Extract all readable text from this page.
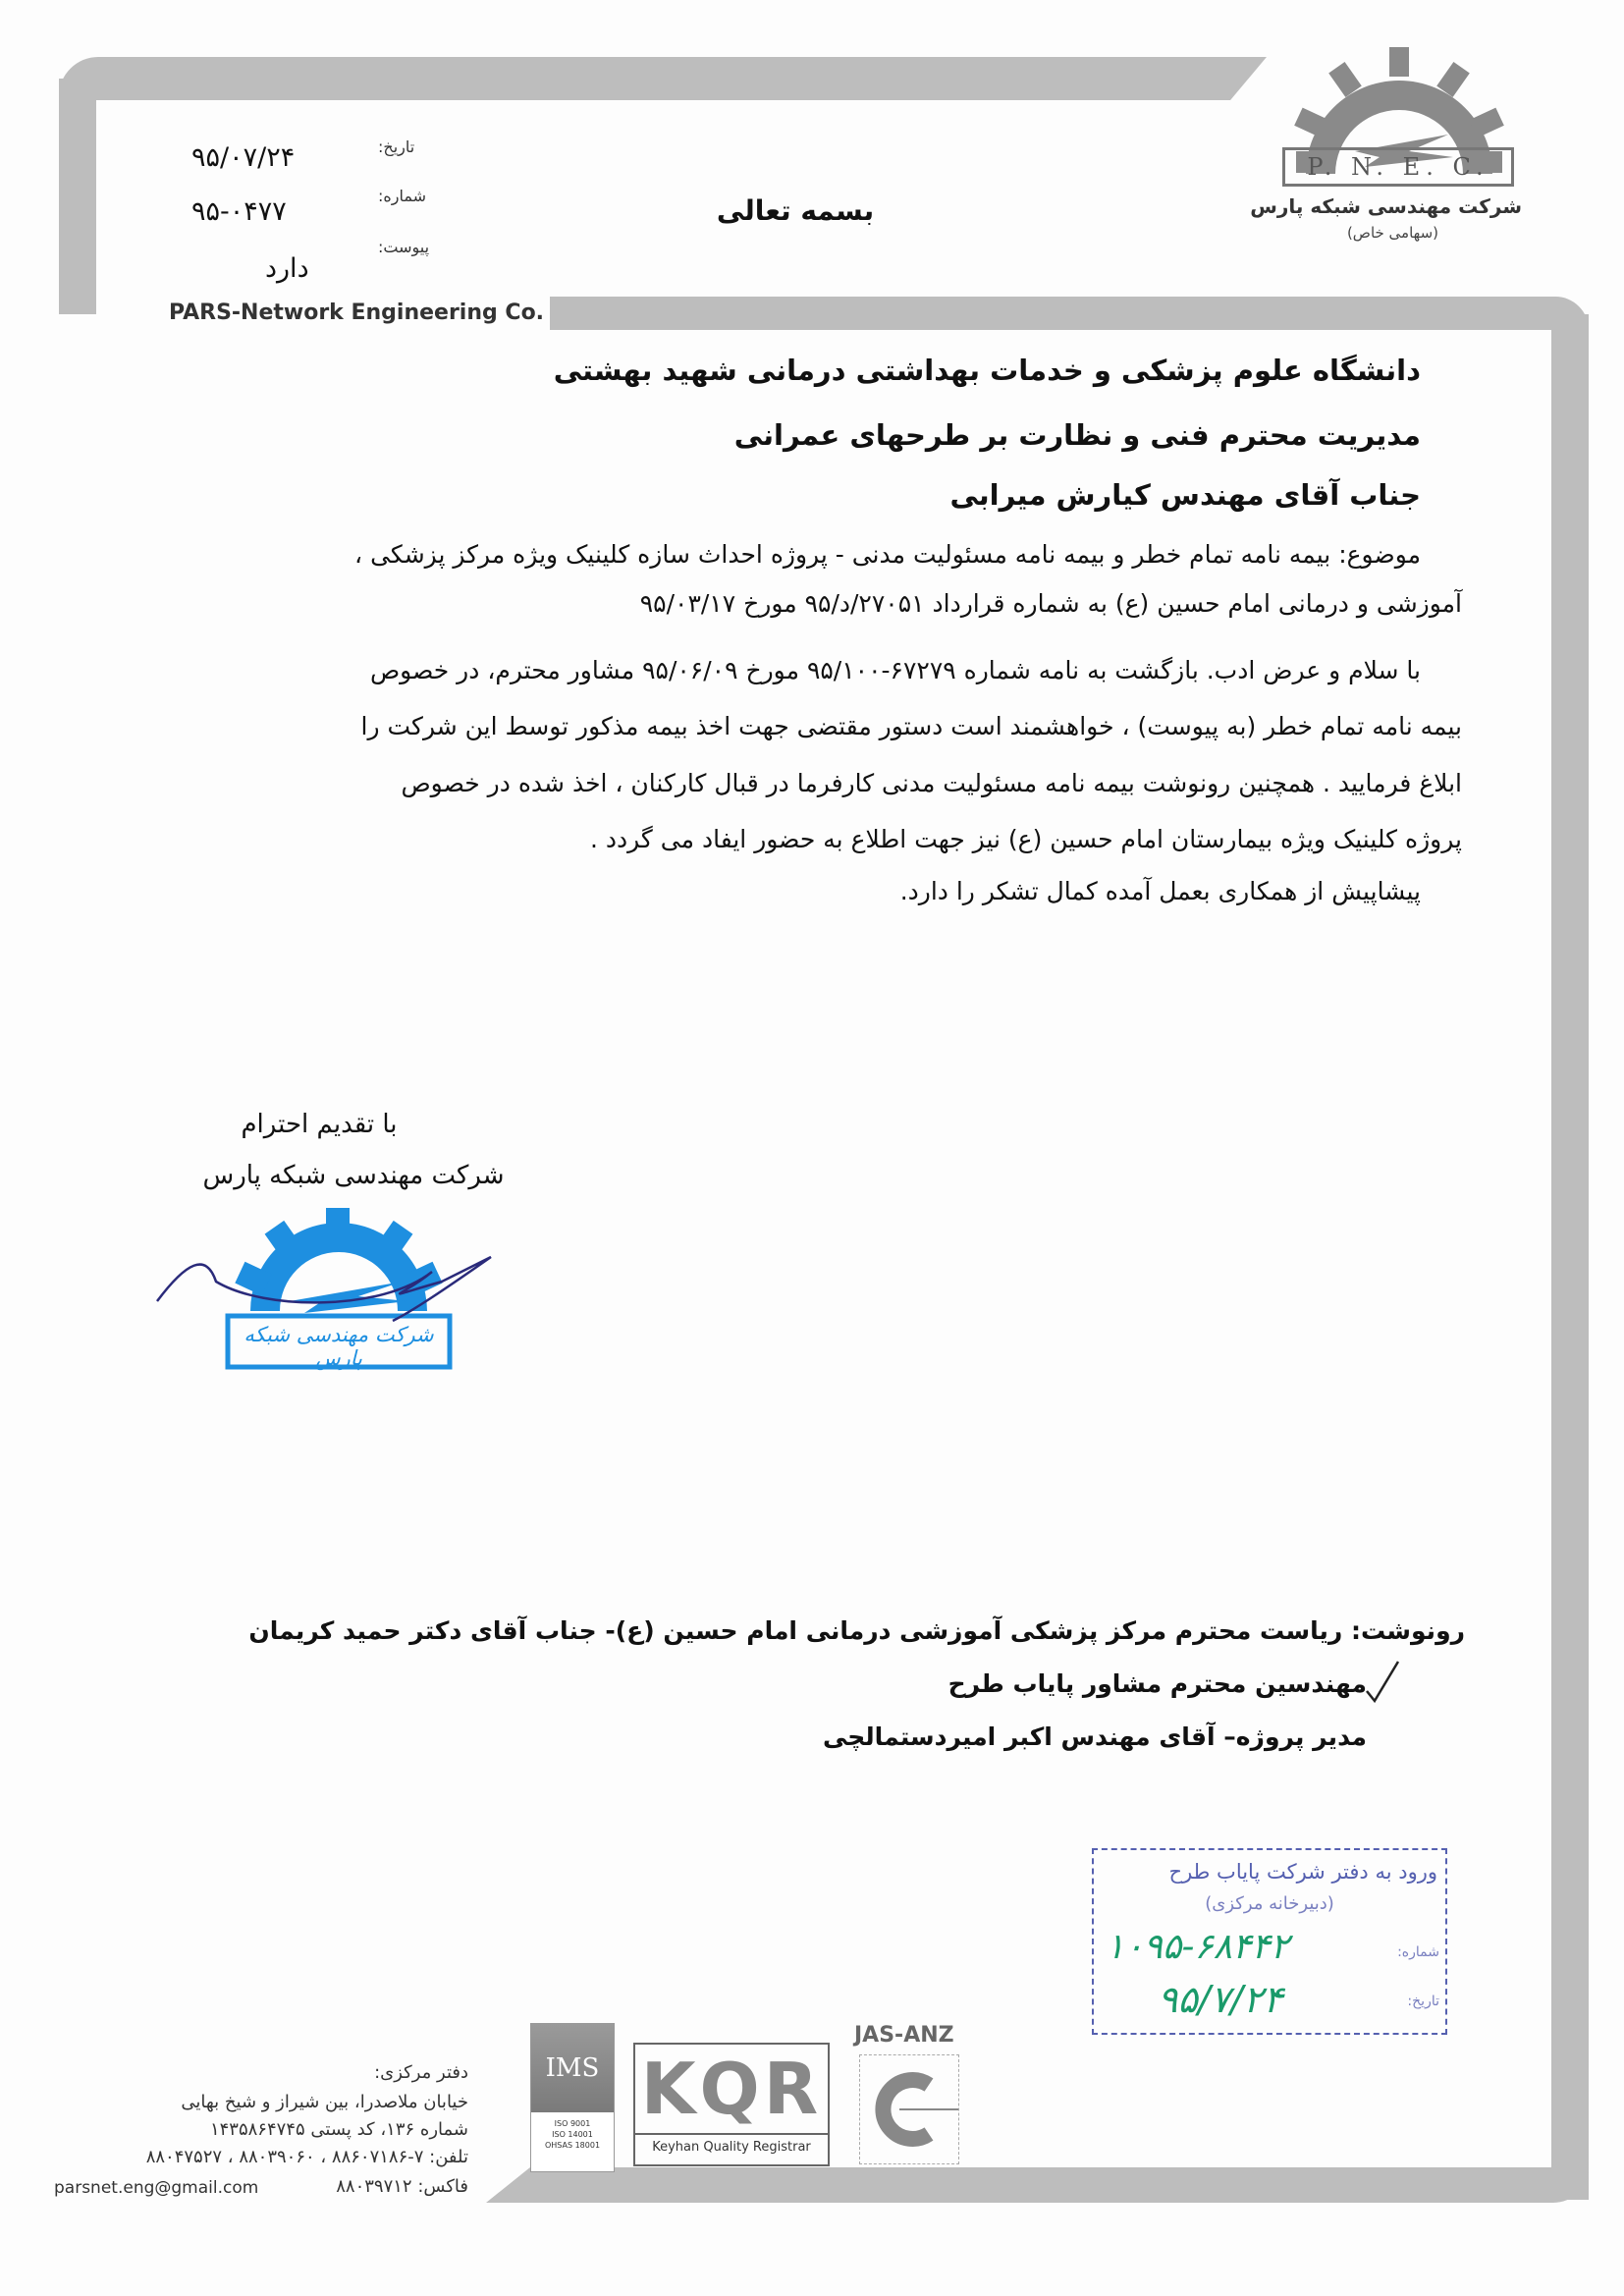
P. N. E. C.
شرکت مهندسی شبکه پارس
(سهامی خاص)
تاریخ:
۹۵/۰۷/۲۴
شماره:
۹۵-۰۴۷۷
پیوست:
دارد
PARS-Network Engineering Co.
بسمه تعالی
دانشگاه علوم پزشکی و خدمات بهداشتی درمانی شهید بهشتی
مدیریت محترم فنی و نظارت بر طرحهای عمرانی
جناب آقای مهندس کیارش میرابی
موضوع: بیمه نامه تمام خطر و بیمه نامه مسئولیت مدنی - پروژه احداث سازه کلینیک ویژه مرکز پزشکی ،
آموزشی و درمانی امام حسین (ع) به شماره قرارداد ۲۷۰۵۱/د/۹۵ مورخ ۹۵/۰۳/۱۷
با سلام و عرض ادب. بازگشت به نامه شماره ۶۷۲۷۹-۹۵/۱۰۰ مورخ ۹۵/۰۶/۰۹ مشاور محترم، در خصوص
بیمه نامه تمام خطر (به پیوست) ، خواهشمند است دستور مقتضی جهت اخذ بیمه مذکور توسط این شرکت را
ابلاغ فرمایید . همچنین رونوشت بیمه نامه مسئولیت مدنی کارفرما در قبال کارکنان ، اخذ شده در خصوص
پروژه کلینیک ویژه بیمارستان امام حسین (ع) نیز جهت اطلاع به حضور ایفاد می گردد .
پیشاپیش از همکاری بعمل آمده کمال تشکر را دارد.
با تقدیم احترام
شرکت مهندسی شبکه پارس
شرکت مهندسی شبکه پارس
رونوشت: ریاست محترم مرکز پزشکی آموزشی درمانی امام حسین (ع)- جناب آقای دکتر حمید کریمان
مهندسین محترم مشاور پایاب طرح
مدیر پروژه– آقای مهندس اکبر امیردستمالچی
ورود به دفتر شرکت پایاب طرح
(دبیرخانه مرکزی)
شماره:
۱۰۹۵-۶۸۴۴۲
تاریخ:
۹۵/۷/۲۴
IMS
ISO 9001
ISO 14001
OHSAS 18001
KQR
Keyhan Quality Registrar
JAS-ANZ
دفتر مرکزی:
خیابان ملاصدرا، بین شیراز و شیخ بهایی
شماره ۱۳۶، کد پستی ۱۴۳۵۸۶۴۷۴۵
تلفن: ۷-۸۸۶۰۷۱۸۶ ، ۸۸۰۳۹۰۶۰ ، ۸۸۰۴۷۵۲۷
فاکس: ۸۸۰۳۹۷۱۲
parsnet.eng@gmail.com
